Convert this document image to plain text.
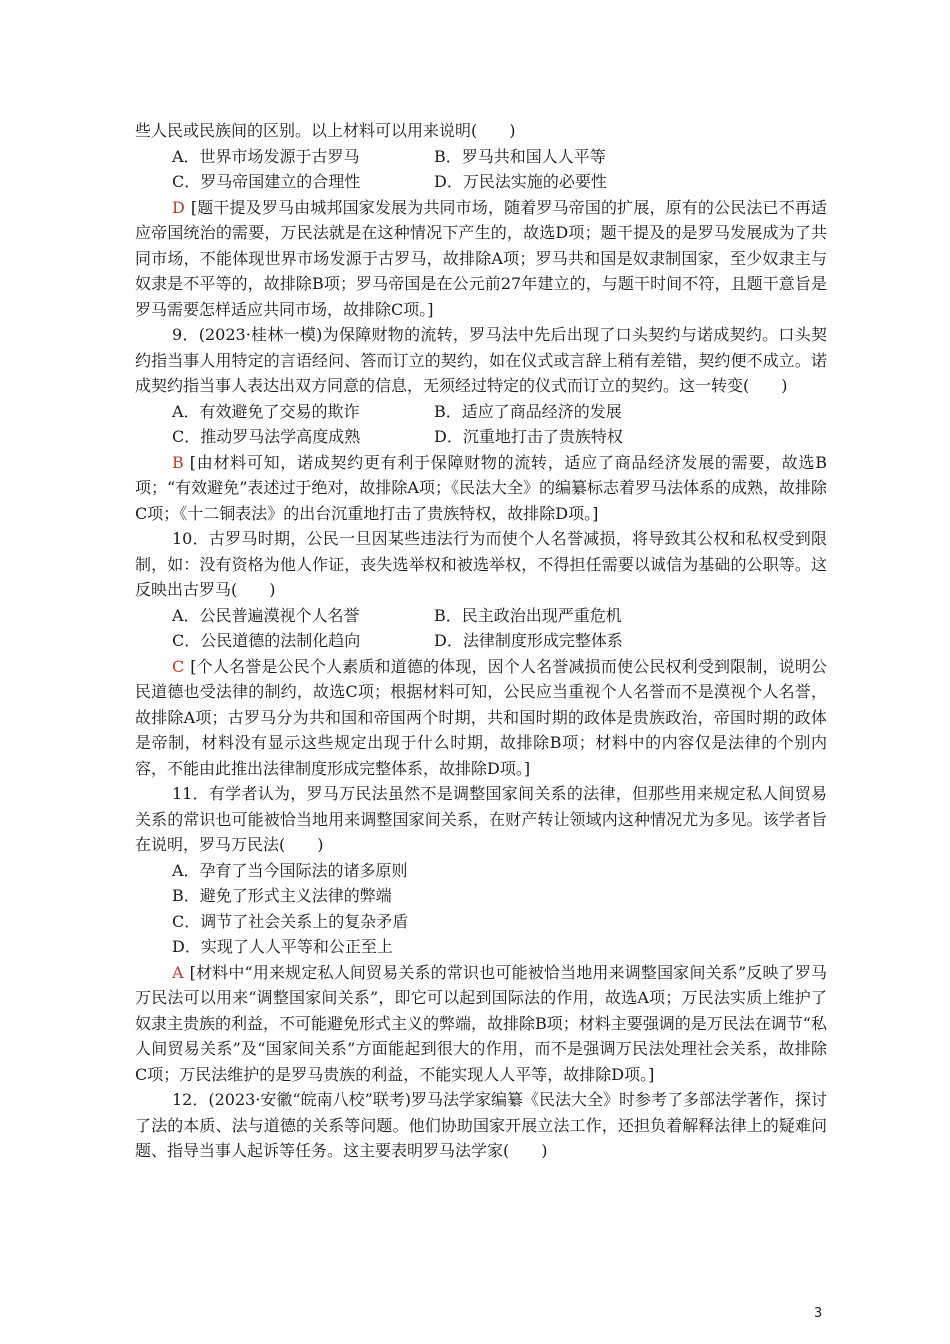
些人民或民族间的区别。以上材料可以用来说明(　　)

A．世界市场发源于古罗马	B．罗马共和国人人平等
C．罗马帝国建立的合理性	D．万民法实施的必要性

D [题干提及罗马由城邦国家发展为共同市场，随着罗马帝国的扩展，原有的公民法已不再适应帝国统治的需要，万民法就是在这种情况下产生的，故选D项；题干提及的是罗马发展成为了共同市场，不能体现世界市场发源于古罗马，故排除A项；罗马共和国是奴隶制国家，至少奴隶主与奴隶是不平等的，故排除B项；罗马帝国是在公元前27年建立的，与题干时间不符，且题干意旨是罗马需要怎样适应共同市场，故排除C项。]

9．(2023·桂林一模)为保障财物的流转，罗马法中先后出现了口头契约与诺成契约。口头契约指当事人用特定的言语经问、答而订立的契约，如在仪式或言辞上稍有差错，契约便不成立。诺成契约指当事人表达出双方同意的信息，无须经过特定的仪式而订立的契约。这一转变(　　)

A．有效避免了交易的欺诈	B．适应了商品经济的发展
C．推动罗马法学高度成熟	D．沉重地打击了贵族特权

B [由材料可知，诺成契约更有利于保障财物的流转，适应了商品经济发展的需要，故选B项；“有效避免”表述过于绝对，故排除A项；《民法大全》的编纂标志着罗马法体系的成熟，故排除C项；《十二铜表法》的出台沉重地打击了贵族特权，故排除D项。]

10．古罗马时期，公民一旦因某些违法行为而使个人名誉减损，将导致其公权和私权受到限制，如：没有资格为他人作证，丧失选举权和被选举权，不得担任需要以诚信为基础的公职等。这反映出古罗马(　　)

A．公民普遍漠视个人名誉	B．民主政治出现严重危机
C．公民道德的法制化趋向	D．法律制度形成完整体系

C [个人名誉是公民个人素质和道德的体现，因个人名誉减损而使公民权利受到限制，说明公民道德也受法律的制约，故选C项；根据材料可知，公民应当重视个人名誉而不是漠视个人名誉，故排除A项；古罗马分为共和国和帝国两个时期，共和国时期的政体是贵族政治，帝国时期的政体是帝制，材料没有显示这些规定出现于什么时期，故排除B项；材料中的内容仅是法律的个别内容，不能由此推出法律制度形成完整体系，故排除D项。]

11．有学者认为，罗马万民法虽然不是调整国家间关系的法律，但那些用来规定私人间贸易关系的常识也可能被恰当地用来调整国家间关系，在财产转让领域内这种情况尤为多见。该学者旨在说明，罗马万民法(　　)

A．孕育了当今国际法的诸多原则
B．避免了形式主义法律的弊端
C．调节了社会关系上的复杂矛盾
D．实现了人人平等和公正至上

A [材料中“用来规定私人间贸易关系的常识也可能被恰当地用来调整国家间关系”反映了罗马万民法可以用来“调整国家间关系”，即它可以起到国际法的作用，故选A项；万民法实质上维护了奴隶主贵族的利益，不可能避免形式主义的弊端，故排除B项；材料主要强调的是万民法在调节“私人间贸易关系”及“国家间关系”方面能起到很大的作用，而不是强调万民法处理社会关系，故排除C项；万民法维护的是罗马贵族的利益，不能实现人人平等，故排除D项。]

12．(2023·安徽“皖南八校”联考)罗马法学家编纂《民法大全》时参考了多部法学著作，探讨了法的本质、法与道德的关系等问题。他们协助国家开展立法工作，还担负着解释法律上的疑难问题、指导当事人起诉等任务。这主要表明罗马法学家(　　)

3
